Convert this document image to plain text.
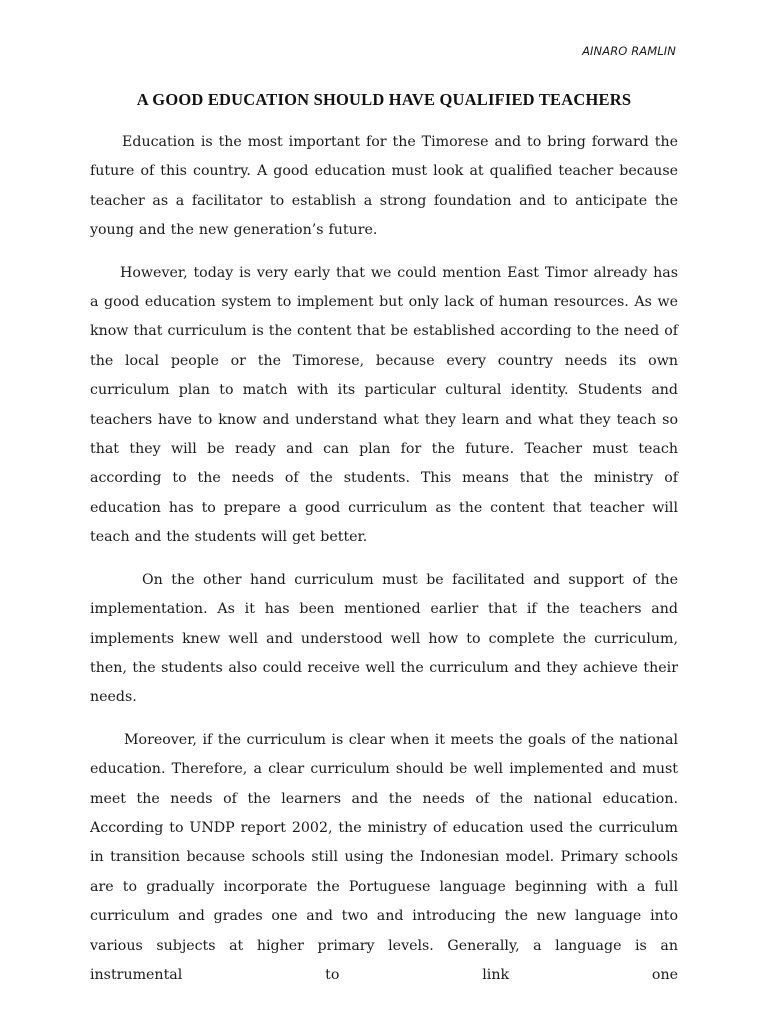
AINARO RAMLIN
A GOOD EDUCATION SHOULD HAVE QUALIFIED TEACHERS

Education is the most important for the Timorese and to bring forward the future of this country. A good education must look at qualified teacher because teacher as a facilitator to establish a strong foundation and to anticipate the young and the new generation’s future.

However, today is very early that we could mention East Timor already has a good education system to implement but only lack of human resources. As we know that curriculum is the content that be established according to the need of the local people or the Timorese, because every country needs its own curriculum plan to match with its particular cultural identity. Students and teachers have to know and understand what they learn and what they teach so that they will be ready and can plan for the future. Teacher must teach according to the needs of the students. This means that the ministry of education has to prepare a good curriculum as the content that teacher will teach and the students will get better.

On the other hand curriculum must be facilitated and support of the implementation. As it has been mentioned earlier that if the teachers and implements knew well and understood well how to complete the curriculum, then, the students also could receive well the curriculum and they achieve their needs.

Moreover, if the curriculum is clear when it meets the goals of the national education. Therefore, a clear curriculum should be well implemented and must meet the needs of the learners and the needs of the national education. According to UNDP report 2002, the ministry of education used the curriculum in transition because schools still using the Indonesian model. Primary schools are to gradually incorporate the Portuguese language beginning with a full curriculum and grades one and two and introducing the new language into various subjects at higher primary levels. Generally, a language is an instrumental to link one
